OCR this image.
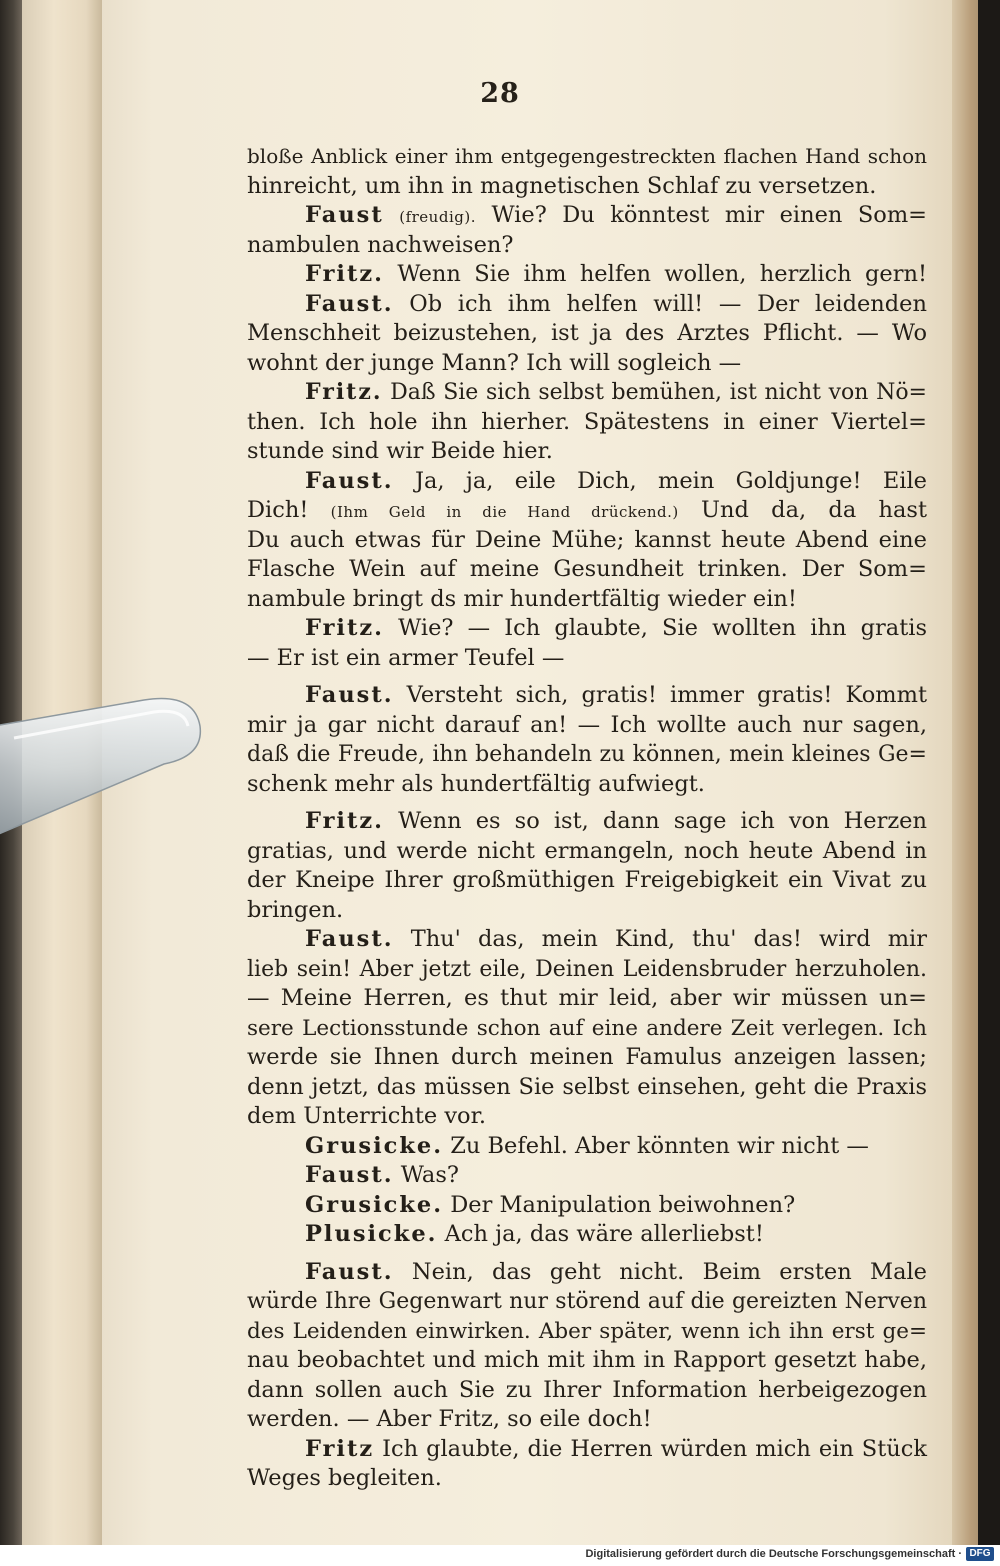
28
bloße Anblick einer ihm entgegengestreckten flachen Hand schon
hinreicht, um ihn in magnetischen Schlaf zu versetzen.
Faust (freudig). Wie? Du könntest mir einen Som=
nambulen nachweisen?
Fritz. Wenn Sie ihm helfen wollen, herzlich gern!
Faust. Ob ich ihm helfen will! — Der leidenden
Menschheit beizustehen, ist ja des Arztes Pflicht. — Wo
wohnt der junge Mann? Ich will sogleich —
Fritz. Daß Sie sich selbst bemühen, ist nicht von Nö=
then. Ich hole ihn hierher. Spätestens in einer Viertel=
stunde sind wir Beide hier.
Faust. Ja, ja, eile Dich, mein Goldjunge! Eile
Dich! (Ihm Geld in die Hand drückend.) Und da, da hast
Du auch etwas für Deine Mühe; kannst heute Abend eine
Flasche Wein auf meine Gesundheit trinken. Der Som=
nambule bringt ds mir hundertfältig wieder ein!
Fritz. Wie? — Ich glaubte, Sie wollten ihn gratis
— Er ist ein armer Teufel —
Faust. Versteht sich, gratis! immer gratis! Kommt
mir ja gar nicht darauf an! — Ich wollte auch nur sagen,
daß die Freude, ihn behandeln zu können, mein kleines Ge=
schenk mehr als hundertfältig aufwiegt.
Fritz. Wenn es so ist, dann sage ich von Herzen
gratias, und werde nicht ermangeln, noch heute Abend in
der Kneipe Ihrer großmüthigen Freigebigkeit ein Vivat zu
bringen.
Faust. Thu' das, mein Kind, thu' das! wird mir
lieb sein! Aber jetzt eile, Deinen Leidensbruder herzuholen.
— Meine Herren, es thut mir leid, aber wir müssen un=
sere Lectionsstunde schon auf eine andere Zeit verlegen. Ich
werde sie Ihnen durch meinen Famulus anzeigen lassen;
denn jetzt, das müssen Sie selbst einsehen, geht die Praxis
dem Unterrichte vor.
Grusicke. Zu Befehl. Aber könnten wir nicht —
Faust. Was?
Grusicke. Der Manipulation beiwohnen?
Plusicke. Ach ja, das wäre allerliebst!
Faust. Nein, das geht nicht. Beim ersten Male
würde Ihre Gegenwart nur störend auf die gereizten Nerven
des Leidenden einwirken. Aber später, wenn ich ihn erst ge=
nau beobachtet und mich mit ihm in Rapport gesetzt habe,
dann sollen auch Sie zu Ihrer Information herbeigezogen
werden. — Aber Fritz, so eile doch!
Fritz Ich glaubte, die Herren würden mich ein Stück
Weges begleiten.
Digitalisierung gefördert durch die Deutsche Forschungsgemeinschaft · DFG
